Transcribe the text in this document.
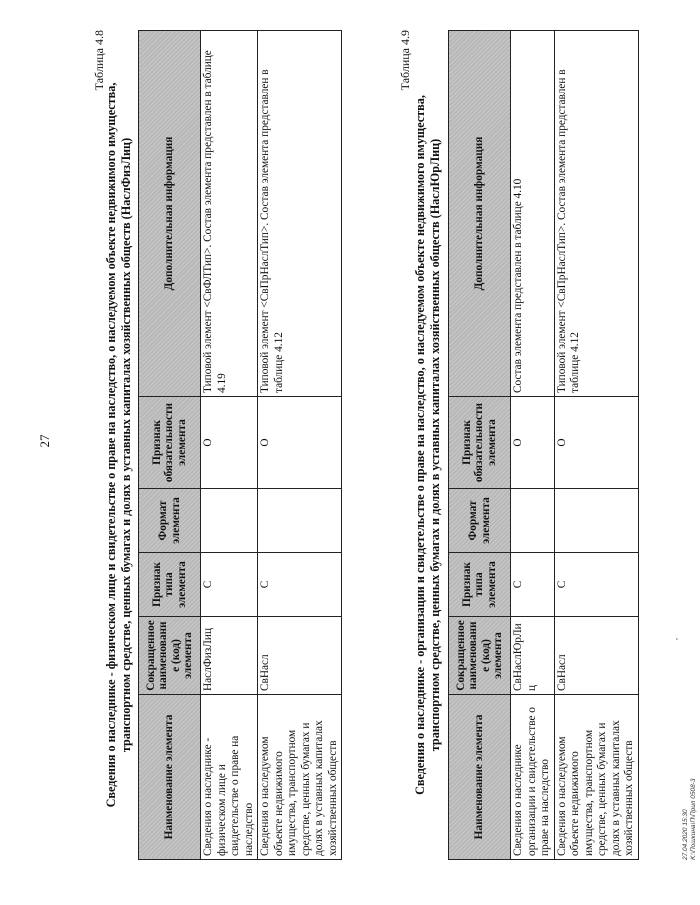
27
Таблица 4.8
Сведения о наследнике - физическом лице и свидетельстве о праве на наследство, о наследуемом объекте недвижимого имущества, транспортном средстве, ценных бумагах и долях в уставных капиталах хозяйственных обществ (НаслФизЛиц)
Наименование элемента	Сокращенное наименование (код) элемента	Признак типа элемента	Формат элемента	Признак обязательности элемента	Дополнительная информация
Сведения о наследнике - физическом лице и свидетельстве о праве на наследство	НаслФизЛиц	С		О	Типовой элемент <СвФЛТип>. Состав элемента представлен в таблице 4.19
Сведения о наследуемом объекте недвижимого имущества, транспортном средстве, ценных бумагах и долях в уставных капиталах хозяйственных обществ	СвНасл	С		О	Типовой элемент <СвПрНаслТип>. Состав элемента представлен в таблице 4.12
Таблица 4.9
Сведения о наследнике - организации и свидетельстве о праве на наследство, о наследуемом объекте недвижимого имущества, транспортном средстве, ценных бумагах и долях в уставных капиталах хозяйственных обществ (НаслЮрЛиц)
Наименование элемента	Сокращенное наименование (код) элемента	Признак типа элемента	Формат элемента	Признак обязательности элемента	Дополнительная информация
Сведения о наследнике организации и свидетельстве о праве на наследство	СвНаслЮрЛиц	С		О	Состав элемента представлен в таблице 4.10
Сведения о наследуемом объекте недвижимого имущества, транспортном средстве, ценных бумагах и долях в уставных капиталах хозяйственных обществ	СвНасл	С		О	Типовой элемент <СвПрНаслТип>. Состав элемента представлен в таблице 4.12
27.04.2020 15:30 K:\Пошкина\П\Прил 0508-3
,
